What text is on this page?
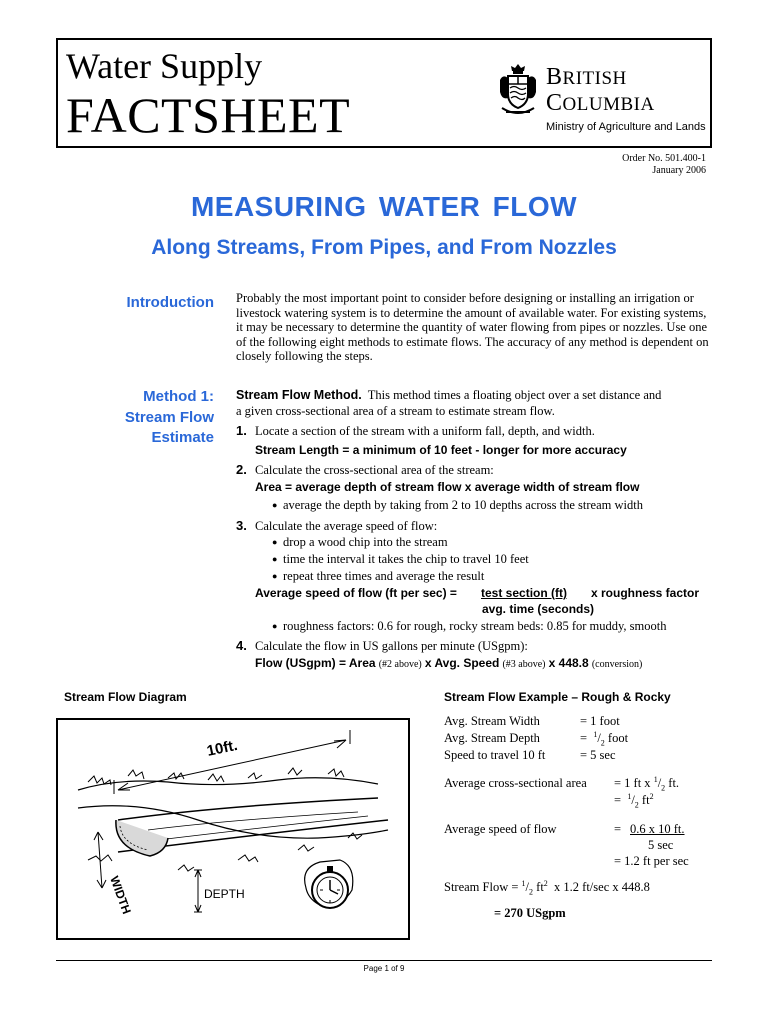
Water Supply
FACTSHEET
BRITISH
COLUMBIA
Ministry of Agriculture and Lands
Order No. 501.400-1
January 2006
MEASURING WATER FLOW
Along Streams, From Pipes, and From Nozzles
Introduction Probably the most important point to consider before designing or installing an irrigation or livestock watering system is to determine the amount of available water. For existing systems, it may be necessary to determine the quantity of water flowing from pipes or nozzles. Use one of the following eight methods to estimate flows. The accuracy of any method is dependent on closely following the steps.
Method 1:
Stream Flow
Estimate
Stream Flow Method. This method times a floating object over a set distance and
a given cross-sectional area of a stream to estimate stream flow.
1. Locate a section of the stream with a uniform fall, depth, and width.
Stream Length = a minimum of 10 feet - longer for more accuracy
2. Calculate the cross-sectional area of the stream:
Area = average depth of stream flow x average width of stream flow
● average the depth by taking from 2 to 10 depths across the stream width
3. Calculate the average speed of flow:
● drop a wood chip into the stream
● time the interval it takes the chip to travel 10 feet
● repeat three times and average the result
Average speed of flow (ft per sec) = test section (ft) x roughness factor
avg. time (seconds)
● roughness factors: 0.6 for rough, rocky stream beds: 0.85 for muddy, smooth
4. Calculate the flow in US gallons per minute (USgpm):
Flow (USgpm) = Area (#2 above) x Avg. Speed (#3 above) x 448.8 (conversion)
Stream Flow Diagram
10ft.
WIDTH	DEPTH
Stream Flow Example – Rough & Rocky
Avg. Stream Width	= 1 foot
Avg. Stream Depth	= $^1/_2$ foot
Speed to travel 10 ft	= 5 sec
Average cross-sectional area = 1 ft x $^1/_2$ ft.
= $^1/_2$ $ft^2$
Average speed of flow	= 0.6 x 10 ft.
5 sec
= 1.2 ft per sec
Stream Flow = $^1/_2$ $ft^2$ x 1.2 ft/sec x 448.8
= 270 USgpm
Page 1 of 9
